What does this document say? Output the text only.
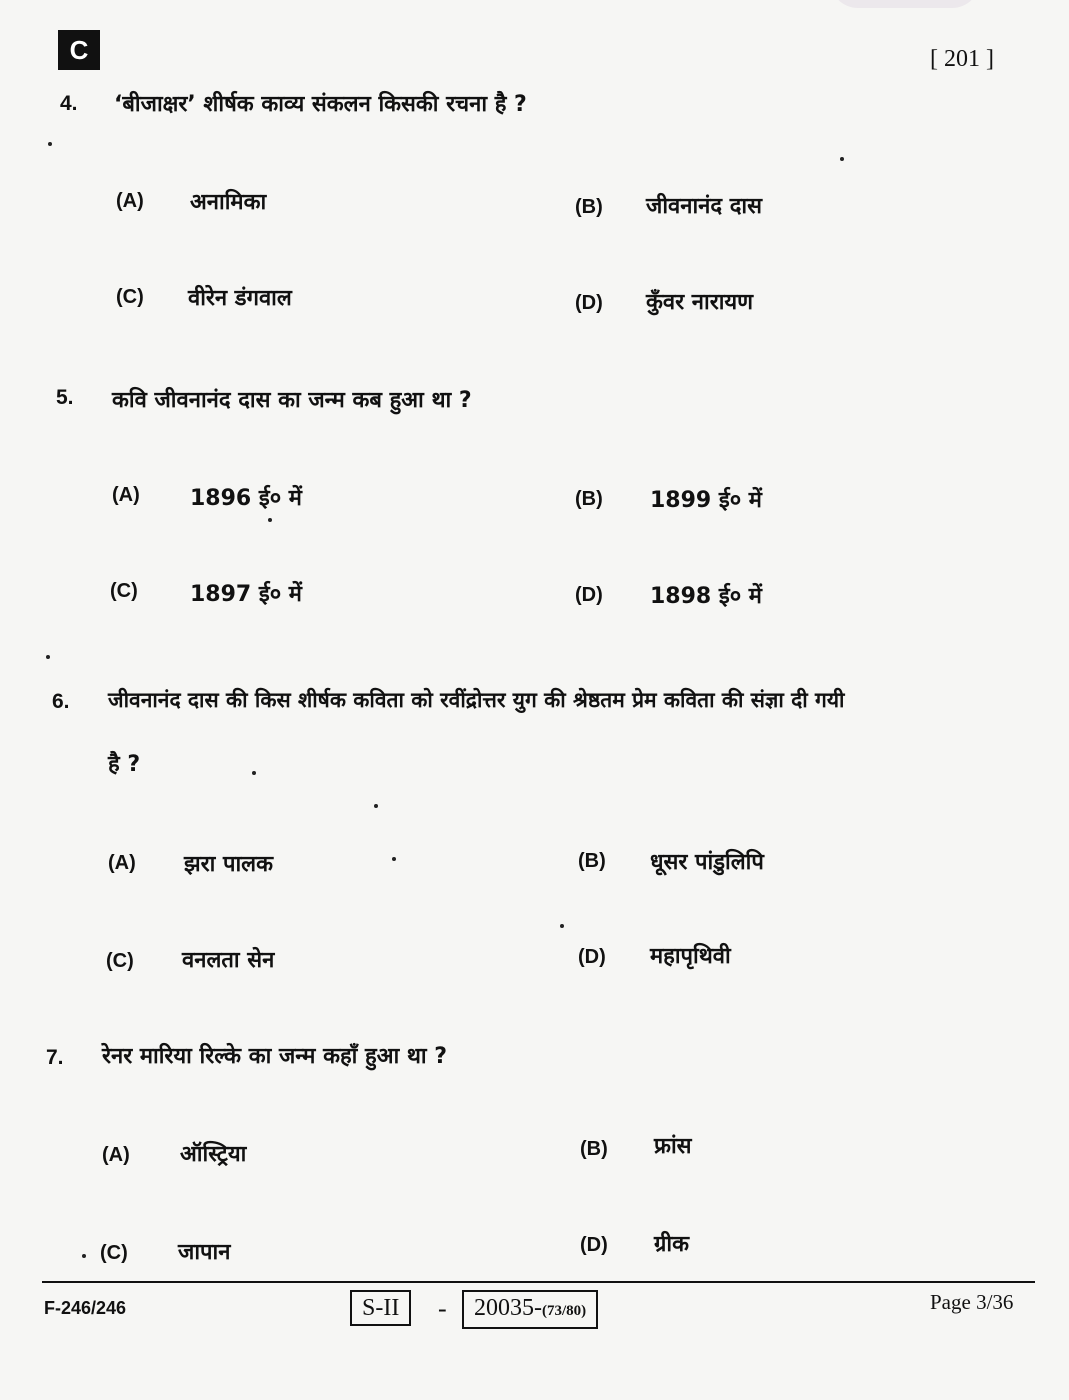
C	[ 201 ]
4. ‘बीजाक्षर’ शीर्षक काव्य संकलन किसकी रचना है ?
(A) अनामिका	(B) जीवनानंद दास
(C) वीरेन डंगवाल	(D) कुँवर नारायण
5. कवि जीवनानंद दास का जन्म कब हुआ था ?
(A) 1896 ई० में	(B) 1899 ई० में
(C) 1897 ई० में	(D) 1898 ई० में
6. जीवनानंद दास की किस शीर्षक कविता को रवींद्रोत्तर युग की श्रेष्ठतम प्रेम कविता की संज्ञा दी गयी
है ?
(A) झरा पालक	(B) धूसर पांडुलिपि
(C) वनलता सेन	(D) महापृथिवी
7. रेनर मारिया रिल्के का जन्म कहाँ हुआ था ?
(A) ऑस्ट्रिया	(B) फ्रांस
(C) जापान	(D) ग्रीक
F-246/246	S-II	-	20035-(73/80)	Page 3/36
